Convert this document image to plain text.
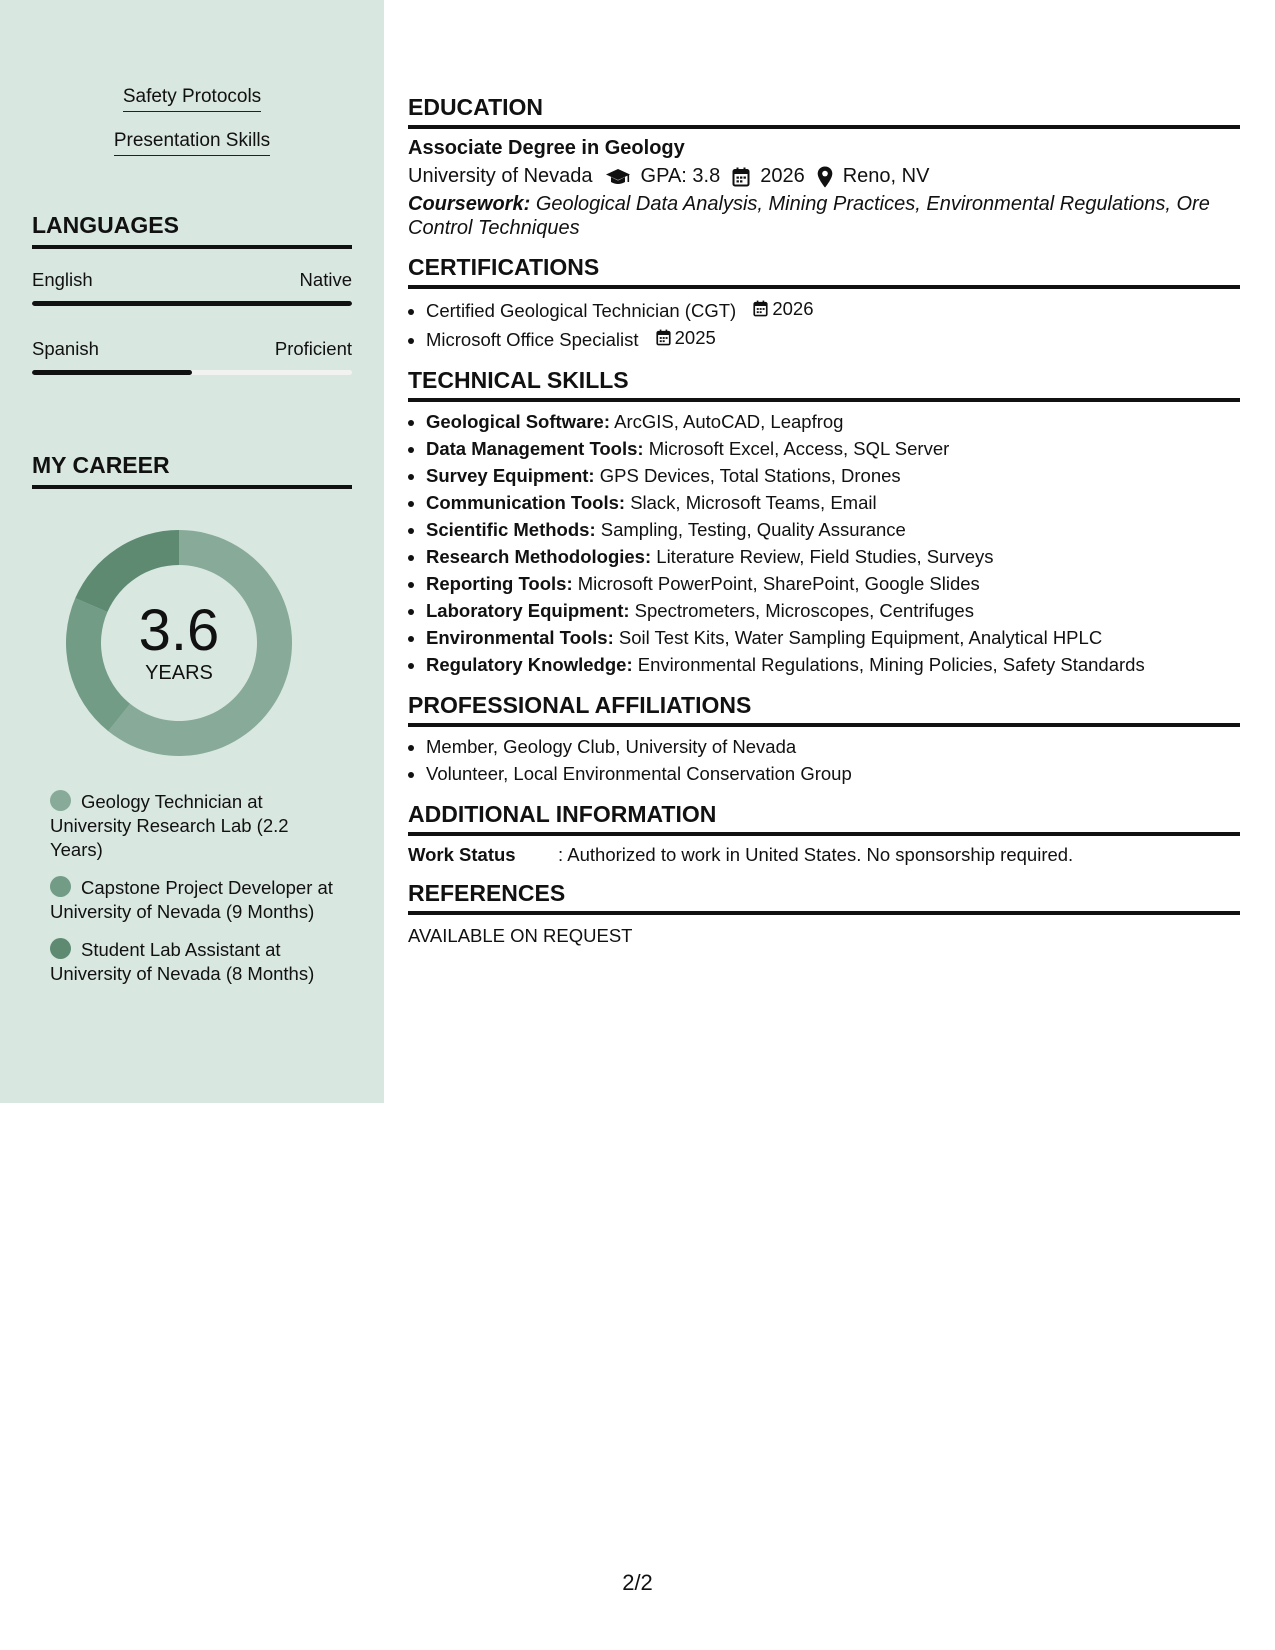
Safety Protocols
Presentation Skills
LANGUAGES
English	Native
Spanish	Proficient
MY CAREER
3.6
YEARS
Geology Technician at University Research Lab (2.2 Years)
Capstone Project Developer at University of Nevada (9 Months)
Student Lab Assistant at University of Nevada (8 Months)
EDUCATION
Associate Degree in Geology
University of Nevada GPA: 3.8 2026 Reno, NV
Coursework: Geological Data Analysis, Mining Practices, Environmental Regulations, Ore Control Techniques
CERTIFICATIONS
• Certified Geological Technician (CGT) 2026
• Microsoft Office Specialist 2025
TECHNICAL SKILLS
• Geological Software: ArcGIS, AutoCAD, Leapfrog
• Data Management Tools: Microsoft Excel, Access, SQL Server
• Survey Equipment: GPS Devices, Total Stations, Drones
• Communication Tools: Slack, Microsoft Teams, Email
• Scientific Methods: Sampling, Testing, Quality Assurance
• Research Methodologies: Literature Review, Field Studies, Surveys
• Reporting Tools: Microsoft PowerPoint, SharePoint, Google Slides
• Laboratory Equipment: Spectrometers, Microscopes, Centrifuges
• Environmental Tools: Soil Test Kits, Water Sampling Equipment, Analytical HPLC
• Regulatory Knowledge: Environmental Regulations, Mining Policies, Safety Standards
PROFESSIONAL AFFILIATIONS
• Member, Geology Club, University of Nevada
• Volunteer, Local Environmental Conservation Group
ADDITIONAL INFORMATION
Work Status	: Authorized to work in United States. No sponsorship required.
REFERENCES
AVAILABLE ON REQUEST
2/2
